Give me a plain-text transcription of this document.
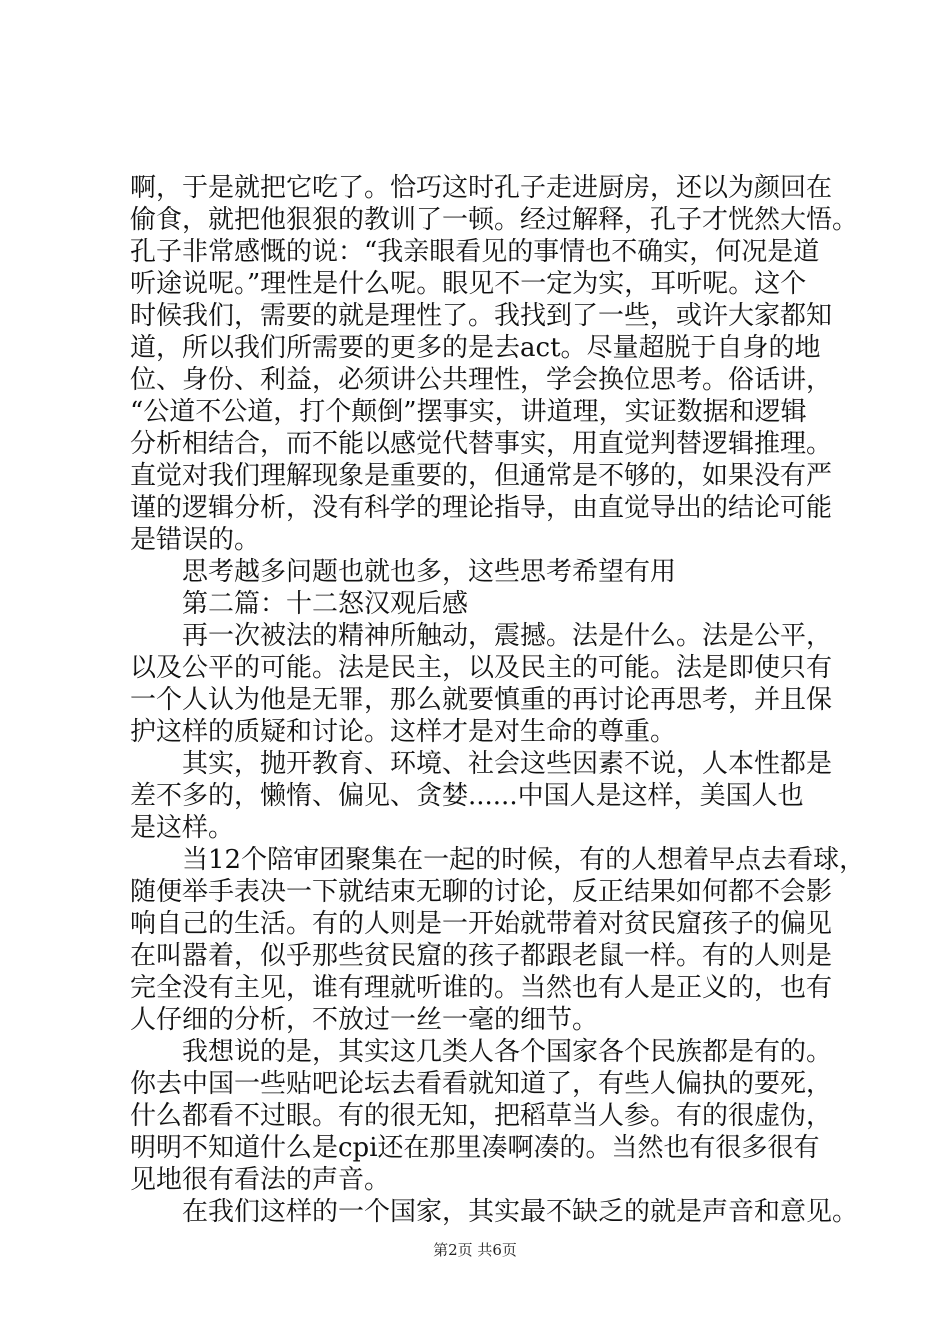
啊，于是就把它吃了。恰巧这时孔子走进厨房，还以为颜回在
偷食，就把他狠狠的教训了一顿。经过解释，孔子才恍然大悟。
孔子非常感慨的说：“我亲眼看见的事情也不确实，何况是道
听途说呢。”理性是什么呢。眼见不一定为实，耳听呢。这个
时候我们，需要的就是理性了。我找到了一些，或许大家都知
道，所以我们所需要的更多的是去act。尽量超脱于自身的地
位、身份、利益，必须讲公共理性，学会换位思考。俗话讲，
“公道不公道，打个颠倒”摆事实，讲道理，实证数据和逻辑
分析相结合，而不能以感觉代替事实，用直觉判替逻辑推理。
直觉对我们理解现象是重要的，但通常是不够的，如果没有严
谨的逻辑分析，没有科学的理论指导，由直觉导出的结论可能
是错误的。
思考越多问题也就也多，这些思考希望有用
第二篇：十二怒汉观后感
再一次被法的精神所触动，震撼。法是什么。法是公平，
以及公平的可能。法是民主，以及民主的可能。法是即使只有
一个人认为他是无罪，那么就要慎重的再讨论再思考，并且保
护这样的质疑和讨论。这样才是对生命的尊重。
其实，抛开教育、环境、社会这些因素不说，人本性都是
差不多的，懒惰、偏见、贪婪......中国人是这样，美国人也
是这样。
当12个陪审团聚集在一起的时候，有的人想着早点去看球，
随便举手表决一下就结束无聊的讨论，反正结果如何都不会影
响自己的生活。有的人则是一开始就带着对贫民窟孩子的偏见
在叫嚣着，似乎那些贫民窟的孩子都跟老鼠一样。有的人则是
完全没有主见，谁有理就听谁的。当然也有人是正义的，也有
人仔细的分析，不放过一丝一毫的细节。
我想说的是，其实这几类人各个国家各个民族都是有的。
你去中国一些贴吧论坛去看看就知道了，有些人偏执的要死，
什么都看不过眼。有的很无知，把稻草当人参。有的很虚伪，
明明不知道什么是cpi还在那里凑啊凑的。当然也有很多很有
见地很有看法的声音。
在我们这样的一个国家，其实最不缺乏的就是声音和意见。
第2页 共6页
